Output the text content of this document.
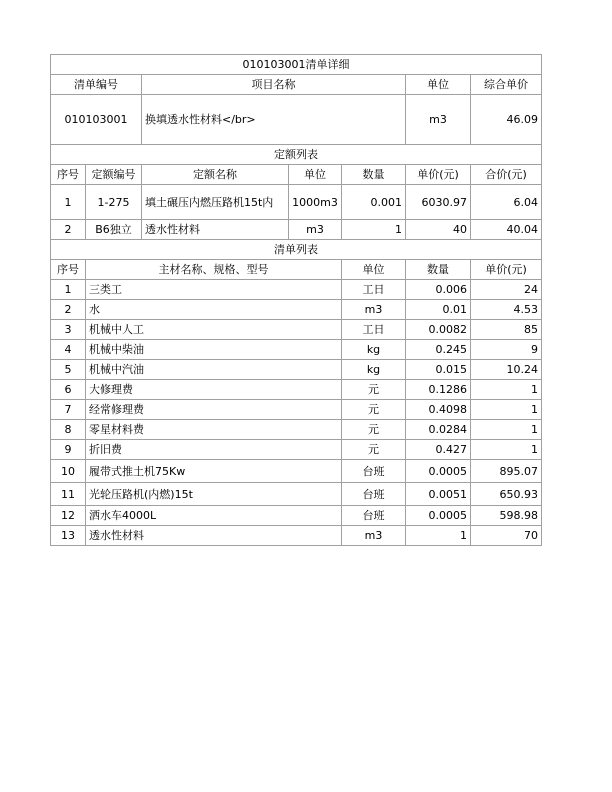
010103001清单详细							
清单编号		项目名称			单位	综合单价	
010103001		换填透水性材料</br>			m3	46.09	
定额列表							
序号	定额编号	定额名称	单位	数量	单价(元)	合价(元)	
1	1-275	填土碾压内燃压路机15t内	1000m3	0.001	6030.97	6.04	
2	B6独立	透水性材料	m3	1	40	40.04	
清单列表							
序号	主材名称、规格、型号			单位	数量	单价(元)	
1	三类工			工日	0.006	24	
2	水			m3	0.01	4.53	
3	机械中人工			工日	0.0082	85	
4	机械中柴油			kg	0.245	9	
5	机械中汽油			kg	0.015	10.24	
6	大修理费			元	0.1286	1	
7	经常修理费			元	0.4098	1	
8	零星材料费			元	0.0284	1	
9	折旧费			元	0.427	1	
10	履带式推土机75Kw			台班	0.0005	895.07	
11	光轮压路机(内燃)15t			台班	0.0051	650.93	
12	洒水车4000L			台班	0.0005	598.98	
13	透水性材料			m3	1	70	
